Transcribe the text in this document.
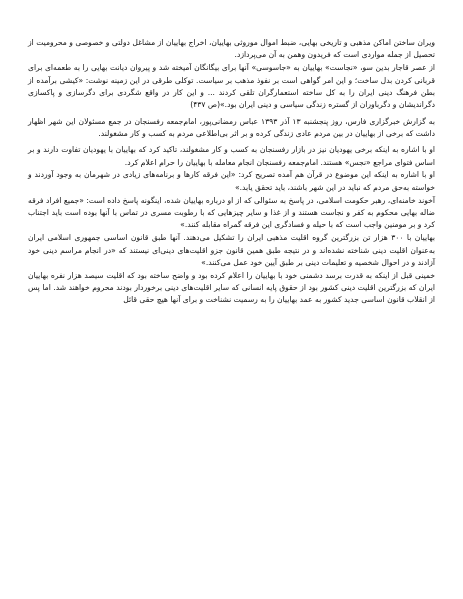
ویران ساختن اماکن مذهبی و تاریخی بهایی، ضبط اموال موروثی بهاییان، اخراج بهاییان از مشاغل دولتی و خصوصی و محرومیت از تحصیل از جمله مواردی است که فریدون وهمن به آن می‌پردازد.

از عصر قاجار بدین سو، «نجاست» بهاییان به «جاسوسی» آنها برای بیگانگان آمیخته شد و پیروان دیانت بهایی را به طعمه‌ای برای قربانی کردن بدل ساخت؛ و این امر گواهی است بر نفوذ مذهب بر سیاست. توکلی طرقی در این زمینه نوشت: «کیشی برآمده از بطن فرهنگ دینی ایران را به کل ساخته استعمارگران تلقی کردند ... و این کار در واقع شگردی برای دگرسازی و پاکسازی دگراندیشان و دگرباوران از گستره زندگی سیاسی و دینی ایران بود.»(ص ۴۳۷)

به گزارش خبرگزاری فارس، روز پنجشنبه ۱۳ آذر ۱۳۹۳ عباس رمضانی‌پور، امام‌جمعه رفسنجان در جمع مسئولان این شهر اظهار داشت که برخی از بهاییان در بین مردم عادی زندگی کرده و بر اثر بی‌اطلاعی مردم به کسب و کار مشغولند.

او با اشاره به اینکه برخی یهودیان نیز در بازار رفسنجان به کسب و کار مشغولند، تاکید کرد که بهاییان با یهودیان تفاوت دارند و بر اساس فتوای مراجع «نجس» هستند. امام‌جمعه رفسنجان انجام معامله با بهاییان را حرام اعلام کرد.

او با اشاره به اینکه این موضوع در قرآن هم آمده تصریح کرد: «این فرقه کارها و برنامه‌های زیادی در شهرمان به وجود آوردند و خواسته به‌حق مردم که نباید در این شهر باشند، باید تحقق یابد.»

آخوند خامنه‌ای، رهبر حکومت اسلامی، در پاسخ به سئوالی که از او درباره بهاییان شده، اینگونه پاسخ داده است: «جمیع افراد فرقه ضاله بهایی محکوم به کفر و نجاست هستند و از غذا و سایر چیزهایی که با رطوبت مسری در تماس با آنها بوده است باید اجتناب کرد و بر مومنین واجب است که با حیله و فسادگری این فرقه گمراه مقابله کنند.»

بهاییان با ۳۰۰ هزار تن بزرگترین گروه اقلیت مذهبی ایران را تشکیل می‌دهند. آنها طبق قانون اساسی جمهوری اسلامی ایران به‌عنوان اقلیت دینی شناخته نشده‌اند و در نتیجه طبق همین قانون جزو اقلیت‌های دینی‌ای نیستند که «در انجام مراسم دینی خود آزادند و در احوال شخصیه و تعلیمات دینی بر طبق آیین خود عمل می‌کنند.»

خمینی قبل از اینکه به قدرت برسد دشمنی خود با بهاییان را اعلام کرده بود و واضح ساخته بود که اقلیت سیصد هزار نفره بهاییان ایران که بزرگترین اقلیت دینی کشور بود از حقوق پایه انسانی که سایر اقلیت‌های دینی برخوردار بودند محروم خواهند شد. اما پس از انقلاب قانون اساسی جدید کشور به عمد بهاییان را به رسمیت نشناخت و برای آنها هیچ حقی قائل
